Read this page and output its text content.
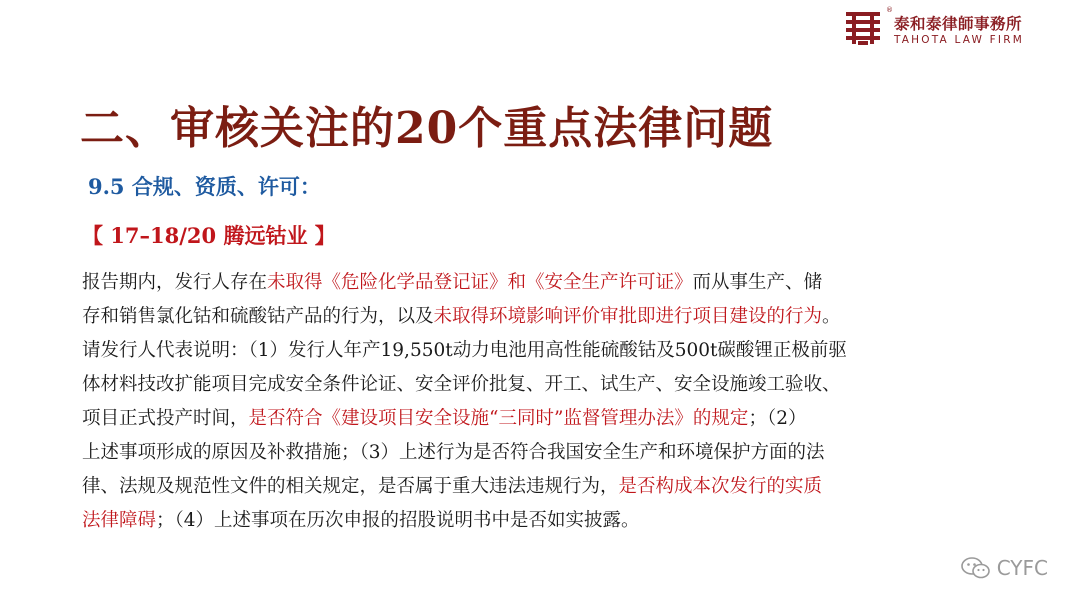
®
泰和泰律師事務所
TAHOTA LAW FIRM
二、审核关注的20个重点法律问题
9.5 合规、资质、许可：
【 17–18/20 腾远钴业 】
报告期内，发行人存在未取得《危险化学品登记证》和《安全生产许可证》而从事生产、储
存和销售氯化钴和硫酸钴产品的行为，以及未取得环境影响评价审批即进行项目建设的行为。
请发行人代表说明：（1）发行人年产19,550t动力电池用高性能硫酸钴及500t碳酸锂正极前驱
体材料技改扩能项目完成安全条件论证、安全评价批复、开工、试生产、安全设施竣工验收、
项目正式投产时间，是否符合《建设项目安全设施“三同时”监督管理办法》的规定；（2）
上述事项形成的原因及补救措施；（3）上述行为是否符合我国安全生产和环境保护方面的法
律、法规及规范性文件的相关规定，是否属于重大违法违规行为，是否构成本次发行的实质
法律障碍；（4）上述事项在历次申报的招股说明书中是否如实披露。
CYFC
